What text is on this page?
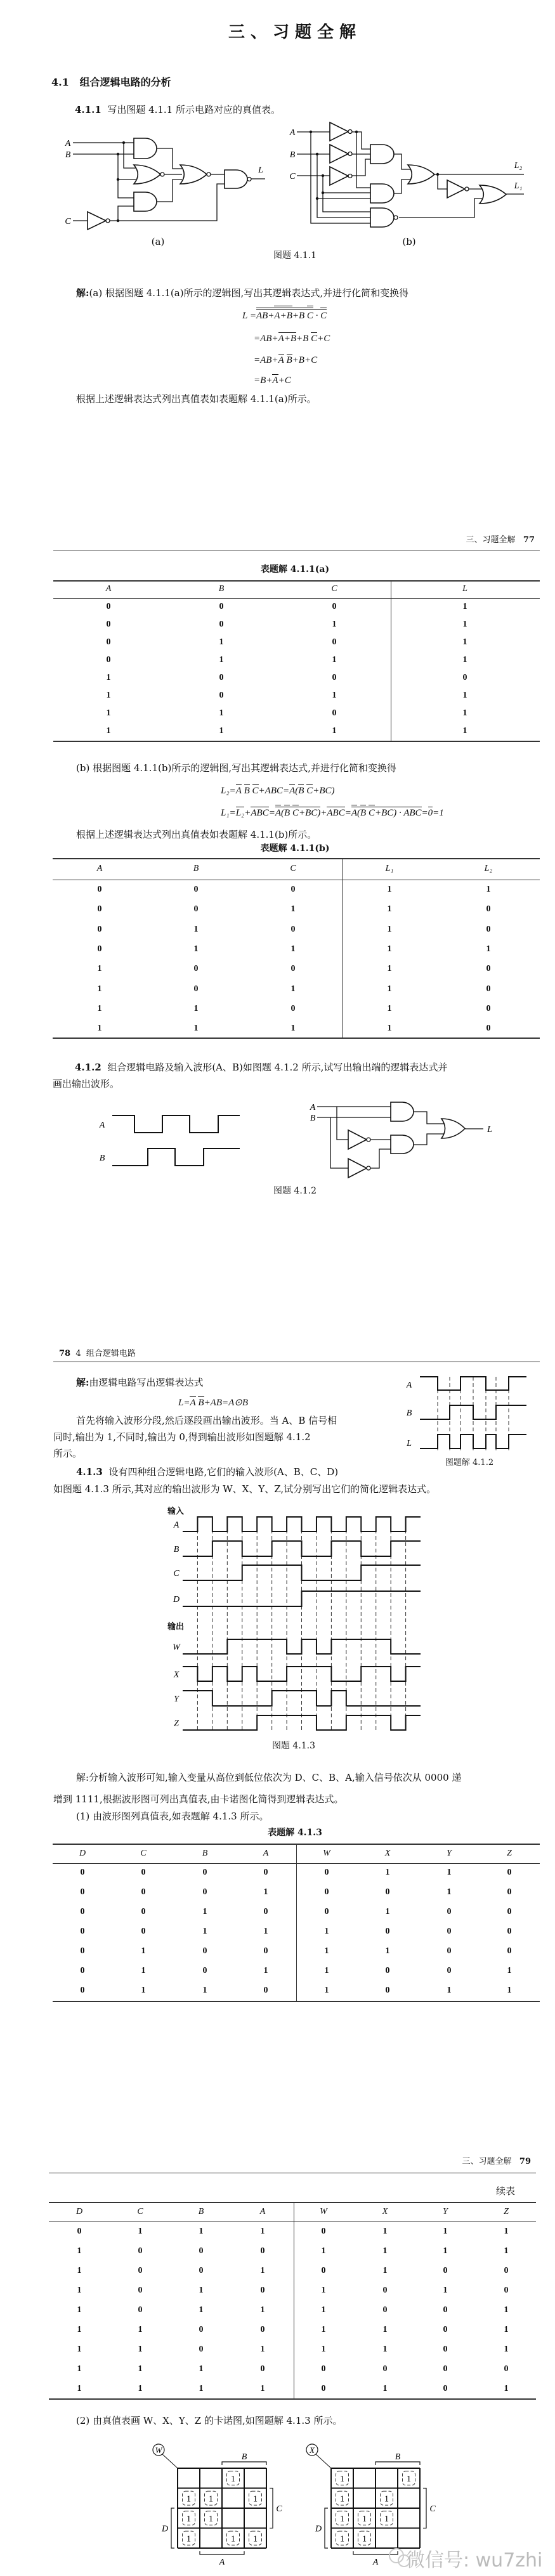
三、习题全解
4.1 组合逻辑电路的分析
4.1.1 写出图题 4.1.1 所示电路对应的真值表。
A
B
C
L
A
B
C
L₂
L₁
A
B
A
B
L
A
B
L
A
B
C
D
W
X
Y
Z
1
1 1	1
1 1
1	1 1
W
B
C
D
A
1	1
1	1
1 1 1
1 1
X
B
C
D
A
(a)	(b)
图题 4.1.1
解:(a) 根据图题 4.1.1(a)所示的逻辑图,写出其逻辑表达式,并进行化简和变换得
L =AB+A+B+B C · C
=AB+A+B+B C+C
=AB+A B+B+C
=B+A+C
根据上述逻辑表达式列出真值表如表题解 4.1.1(a)所示。
三、习题全解 77
表题解 4.1.1(a)
A	B	C	L
0	0	0	1
0	0	1	1
0	1	0	1
0	1	1	1
1	0	0	0
1	0	1	1
1	1	0	1
1	1	1	1
(b) 根据图题 4.1.1(b)所示的逻辑图,写出其逻辑表达式,并进行化简和变换得
L₂=A B C+ABC=A(B C+BC)
L₁=L₂+ABC=A(B C+BC)+ABC=A(B C+BC) · ABC=0=1
根据上述逻辑表达式列出真值表如表题解 4.1.1(b)所示。
表题解 4.1.1(b)
A	B	C	L₁	L₂
0	0	0	1	1
0	0	1	1	0
0	1	0	1	0
0	1	1	1	1
1	0	0	1	0
1	0	1	1	0
1	1	0	1	0
1	1	1	1	0
4.1.2 组合逻辑电路及输入波形(A、B)如图题 4.1.2 所示,试写出输出端的逻辑表达式并
画出输出波形。
图题 4.1.2
78 4 组合逻辑电路
解:由逻辑电路写出逻辑表达式
L=A B+AB=A⊙B
首先将输入波形分段,然后逐段画出输出波形。当 A、B 信号相
同时,输出为 1,不同时,输出为 0,得到输出波形如图题解 4.1.2
所示。
图题解 4.1.2
4.1.3 设有四种组合逻辑电路,它们的输入波形(A、B、C、D)
如图题 4.1.3 所示,其对应的输出波形为 W、X、Y、Z,试分别写出它们的简化逻辑表达式。
输入
输出
图题 4.1.3
解:分析输入波形可知,输入变量从高位到低位依次为 D、C、B、A,输入信号依次从 0000 递
增到 1111,根据波形图可列出真值表,由卡诺图化简得到逻辑表达式。
(1) 由波形图列真值表,如表题解 4.1.3 所示。
表题解 4.1.3
D	C	B	A	W	X	Y	Z
0	0	0	0	0	1	1	0
0	0	0	1	0	0	1	0
0	0	1	0	0	1	0	0
0	0	1	1	1	0	0	0
0	1	0	0	1	1	0	0
0	1	0	1	1	0	0	1
0	1	1	0	1	0	1	1
三、习题全解 79
续表
D	C	B	A	W	X	Y	Z
0	1	1	1	0	1	1	1
1	0	0	0	1	1	1	1
1	0	0	1	0	1	0	0
1	0	1	0	1	0	1	0
1	0	1	1	1	0	0	1
1	1	0	0	1	1	0	1
1	1	0	1	1	1	0	1
1	1	1	0	0	0	0	0
1	1	1	1	0	1	0	1
(2) 由真值表画 W、X、Y、Z 的卡诺图,如图题解 4.1.3 所示。
微信号: wu7zhi
